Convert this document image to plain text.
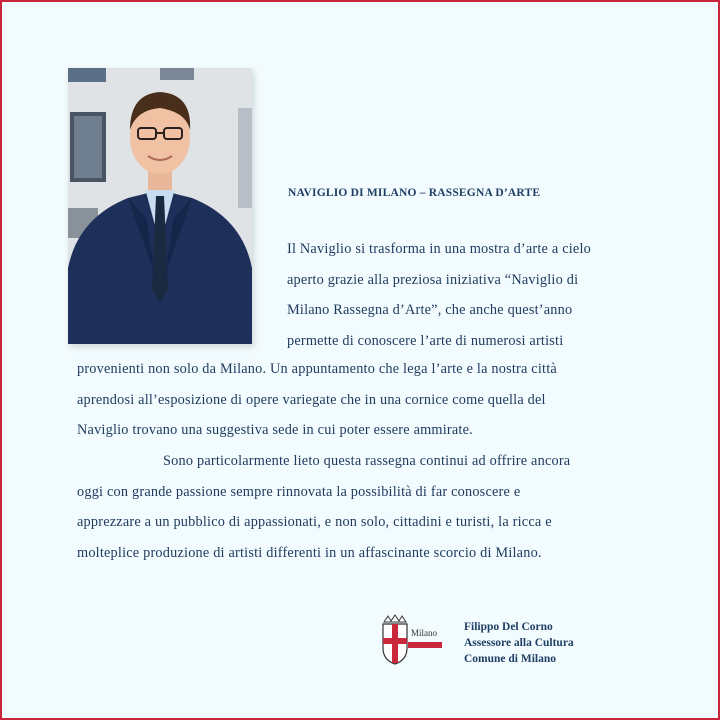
NAVIGLIO DI MILANO – RASSEGNA D’ARTE
Il Naviglio si trasforma in una mostra d’arte a cielo
aperto grazie alla preziosa iniziativa “Naviglio di
Milano Rassegna d’Arte”, che anche quest’anno
permette di conoscere l’arte di numerosi artisti
provenienti non solo da Milano. Un appuntamento che lega l’arte e la nostra città
aprendosi all’esposizione di opere variegate che in una cornice come quella del
Naviglio trovano una suggestiva sede in cui poter essere ammirate.
Sono particolarmente lieto questa rassegna continui ad offrire ancora
oggi con grande passione sempre rinnovata la possibilità di far conoscere e
apprezzare a un pubblico di appassionati, e non solo, cittadini e turisti, la ricca e
molteplice produzione di artisti differenti in un affascinante scorcio di Milano.
Milano Filippo Del Corno
Assessore alla Cultura
Comune di Milano
